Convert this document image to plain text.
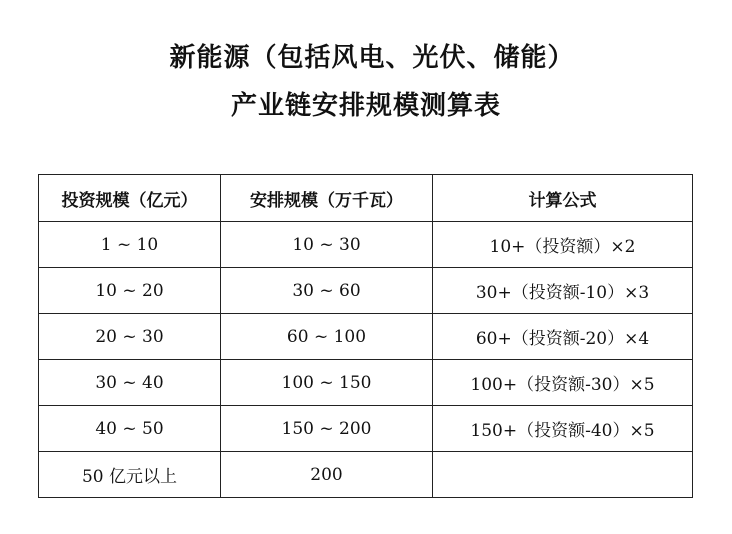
新能源（包括风电、光伏、储能）
产业链安排规模测算表
投资规模（亿元）	安排规模（万千瓦）	计算公式
1 ~ 10	10 ~ 30	10+（投资额）×2
10 ~ 20	30 ~ 60	30+（投资额-10）×3
20 ~ 30	60 ~ 100	60+（投资额-20）×4
30 ~ 40	100 ~ 150	100+（投资额-30）×5
40 ~ 50	150 ~ 200	150+（投资额-40）×5
50 亿元以上	200	
